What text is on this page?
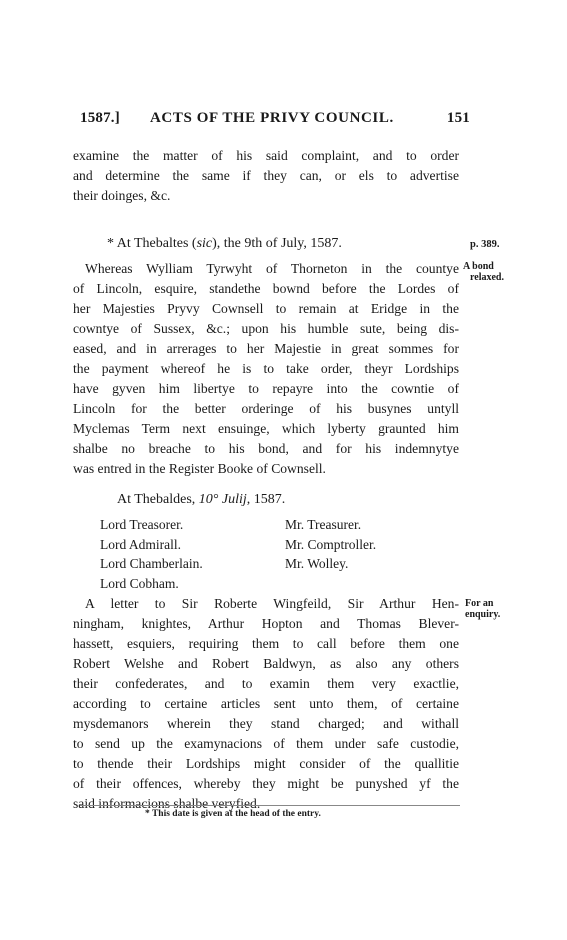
1587.] ACTS OF THE PRIVY COUNCIL.	151
examine the matter of his said complaint, and to order
and determine the same if they can, or els to advertise
their doinges, &c.
* At Thebaltes (sic), the 9th of July, 1587.	p. 389.
A bond
relaxed.
Whereas Wylliam Tyrwyht of Thorneton in the countye
of Lincoln, esquire, standethe bownd before the Lordes of
her Majesties Pryvy Cownsell to remain at Eridge in the
cowntye of Sussex, &c.; upon his humble sute, being dis-
eased, and in arrerages to her Majestie in great sommes for
the payment whereof he is to take order, theyr Lordships
have gyven him libertye to repayre into the cowntie of
Lincoln for the better orderinge of his busynes untyll
Myclemas Term next ensuinge, which lyberty graunted him
shalbe no breache to his bond, and for his indemnytye
was entred in the Register Booke of Cownsell.
At Thebaldes, 10° Julij, 1587.
Lord Treasorer.
Lord Admirall.
Lord Chamberlain.
Lord Cobham.
Mr. Treasurer.
Mr. Comptroller.
Mr. Wolley.
For an
enquiry.
A letter to Sir Roberte Wingfeild, Sir Arthur Hen-
ningham, knightes, Arthur Hopton and Thomas Blever-
hassett, esquiers, requiring them to call before them one
Robert Welshe and Robert Baldwyn, as also any others
their confederates, and to examin them very exactlie,
according to certaine articles sent unto them, of certaine
mysdemanors wherein they stand charged; and withall
to send up the examynacions of them under safe custodie,
to thende their Lordships might consider of the quallitie
of their offences, whereby they might be punyshed yf the
said informacions shalbe veryfied.
* This date is given at the head of the entry.
